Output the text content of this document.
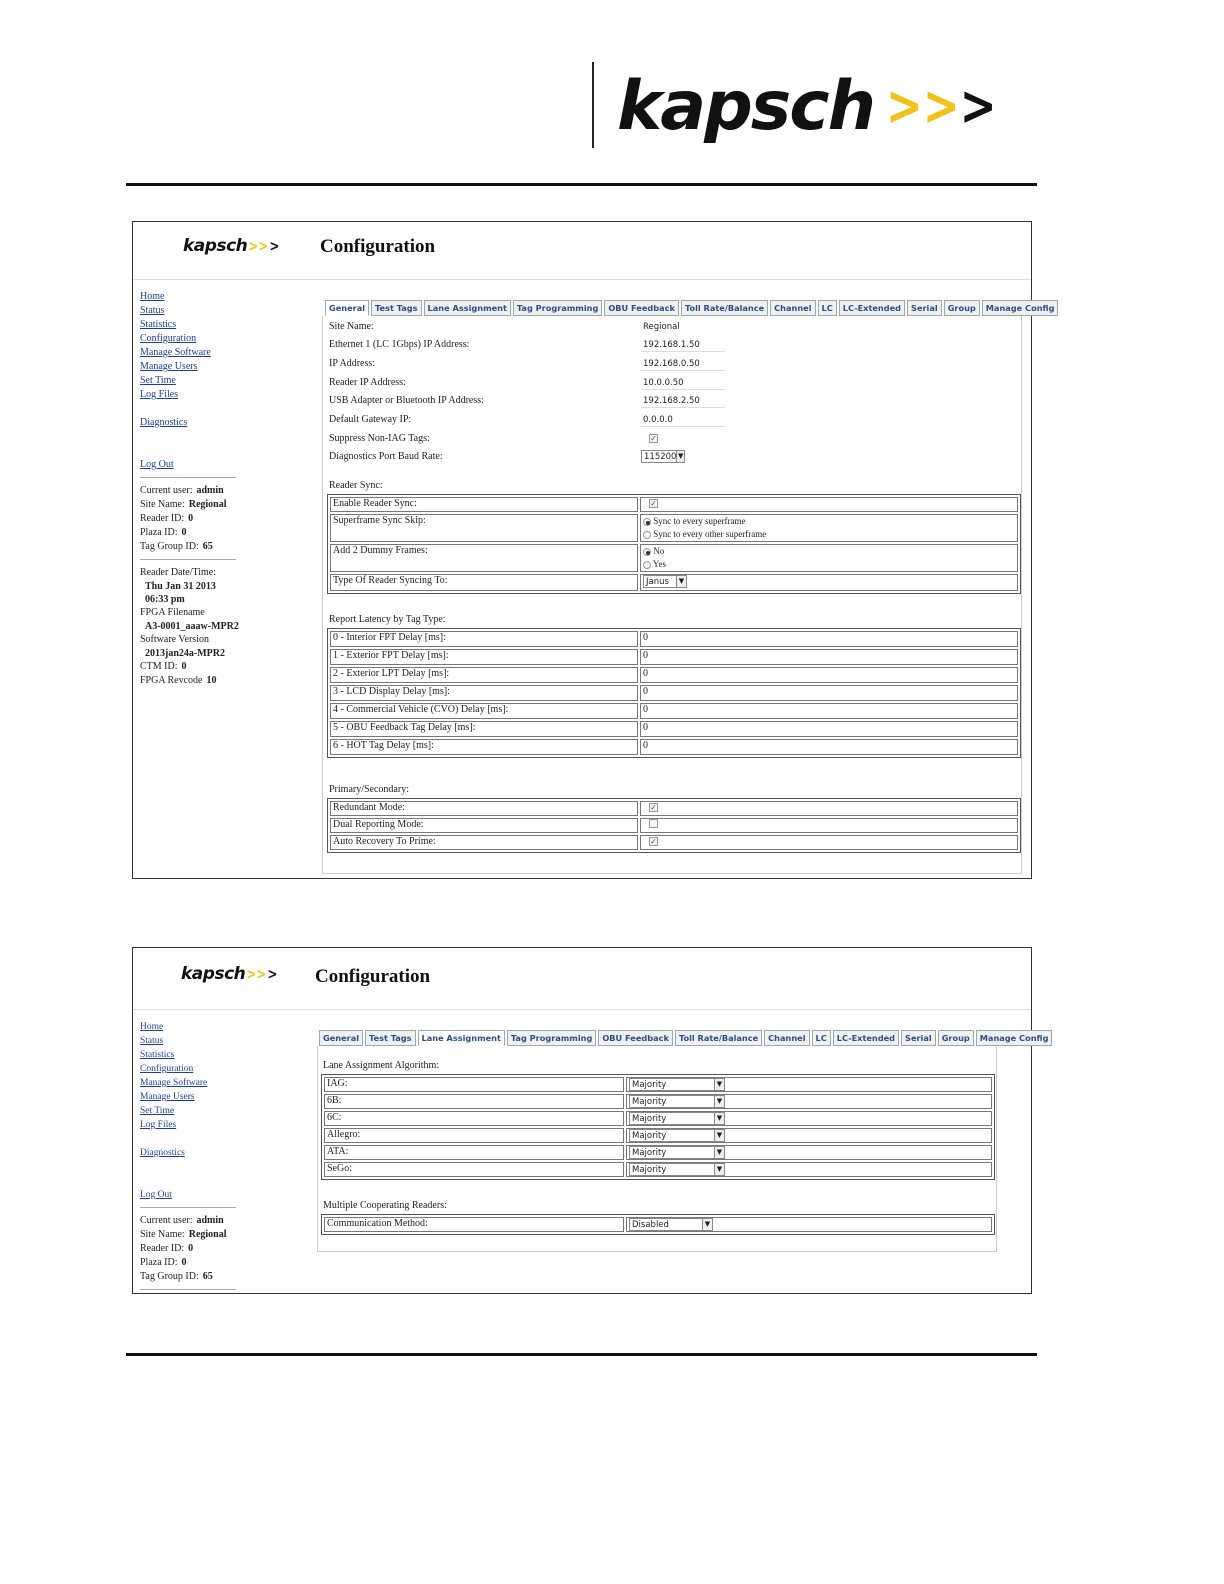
kapsch >> >
kapsch >> > Configuration
Home
Status
Statistics
Configuration
Manage Software
Manage Users
Set Time
Log Files
Diagnostics
Log Out
Current user: admin
Site Name: Regional
Reader ID: 0
Plaza ID: 0
Tag Group ID: 65
Reader Date/Time:
Thu Jan 31 2013
06:33 pm
FPGA Filename
A3-0001_aaaw-MPR2
Software Version
2013jan24a-MPR2
CTM ID: 0
FPGA Revcode 10
General	Test Tags	Lane Assignment	Tag Programming	OBU Feedback	Toll Rate/Balance	Channel	LC	LC-Extended	Serial	Group	Manage Config
Site Name:	Regional
Ethernet 1 (LC 1Gbps) IP Address:	192.168.1.50
IP Address:	192.168.0.50
Reader IP Address:	10.0.0.50
USB Adapter or Bluetooth IP Address:	192.168.2.50
Default Gateway IP:	0.0.0.0
Suppress Non-IAG Tags:	✓
Diagnostics Port Baud Rate:	115200 ▼
Reader Sync:
Enable Reader Sync:	✓
Superframe Sync Skip:	Sync to every superframe
Sync to every other superframe

Add 2 Dummy Frames:	No
Yes

Type Of Reader Syncing To:	Janus ▼
Report Latency by Tag Type:
0 - Interior FPT Delay [ms]:	0
1 - Exterior FPT Delay [ms]:	0
2 - Exterior LPT Delay [ms]:	0
3 - LCD Display Delay [ms]:	0
4 - Commercial Vehicle (CVO) Delay [ms]:	0
5 - OBU Feedback Tag Delay [ms]:	0
6 - HOT Tag Delay [ms]:	0
Primary/Secondary:
Redundant Mode:	✓
Dual Reporting Mode:	
Auto Recovery To Prime:	✓
kapsch >> > Configuration
Home
Status
Statistics
Configuration
Manage Software
Manage Users
Set Time
Log Files
Diagnostics
Log Out
Current user: admin
Site Name: Regional
Reader ID: 0
Plaza ID: 0
Tag Group ID: 65
General	Test Tags	Lane Assignment	Tag Programming	OBU Feedback	Toll Rate/Balance	Channel	LC	LC-Extended	Serial	Group	Manage Config
Lane Assignment Algorithm:
IAG:	Majority ▼

6B:	Majority ▼

6C:	Majority ▼

Allegro:	Majority ▼

ATA:	Majority ▼

SeGo:	Majority ▼
Multiple Cooperating Readers:
Communication Method:	Disabled	▼
